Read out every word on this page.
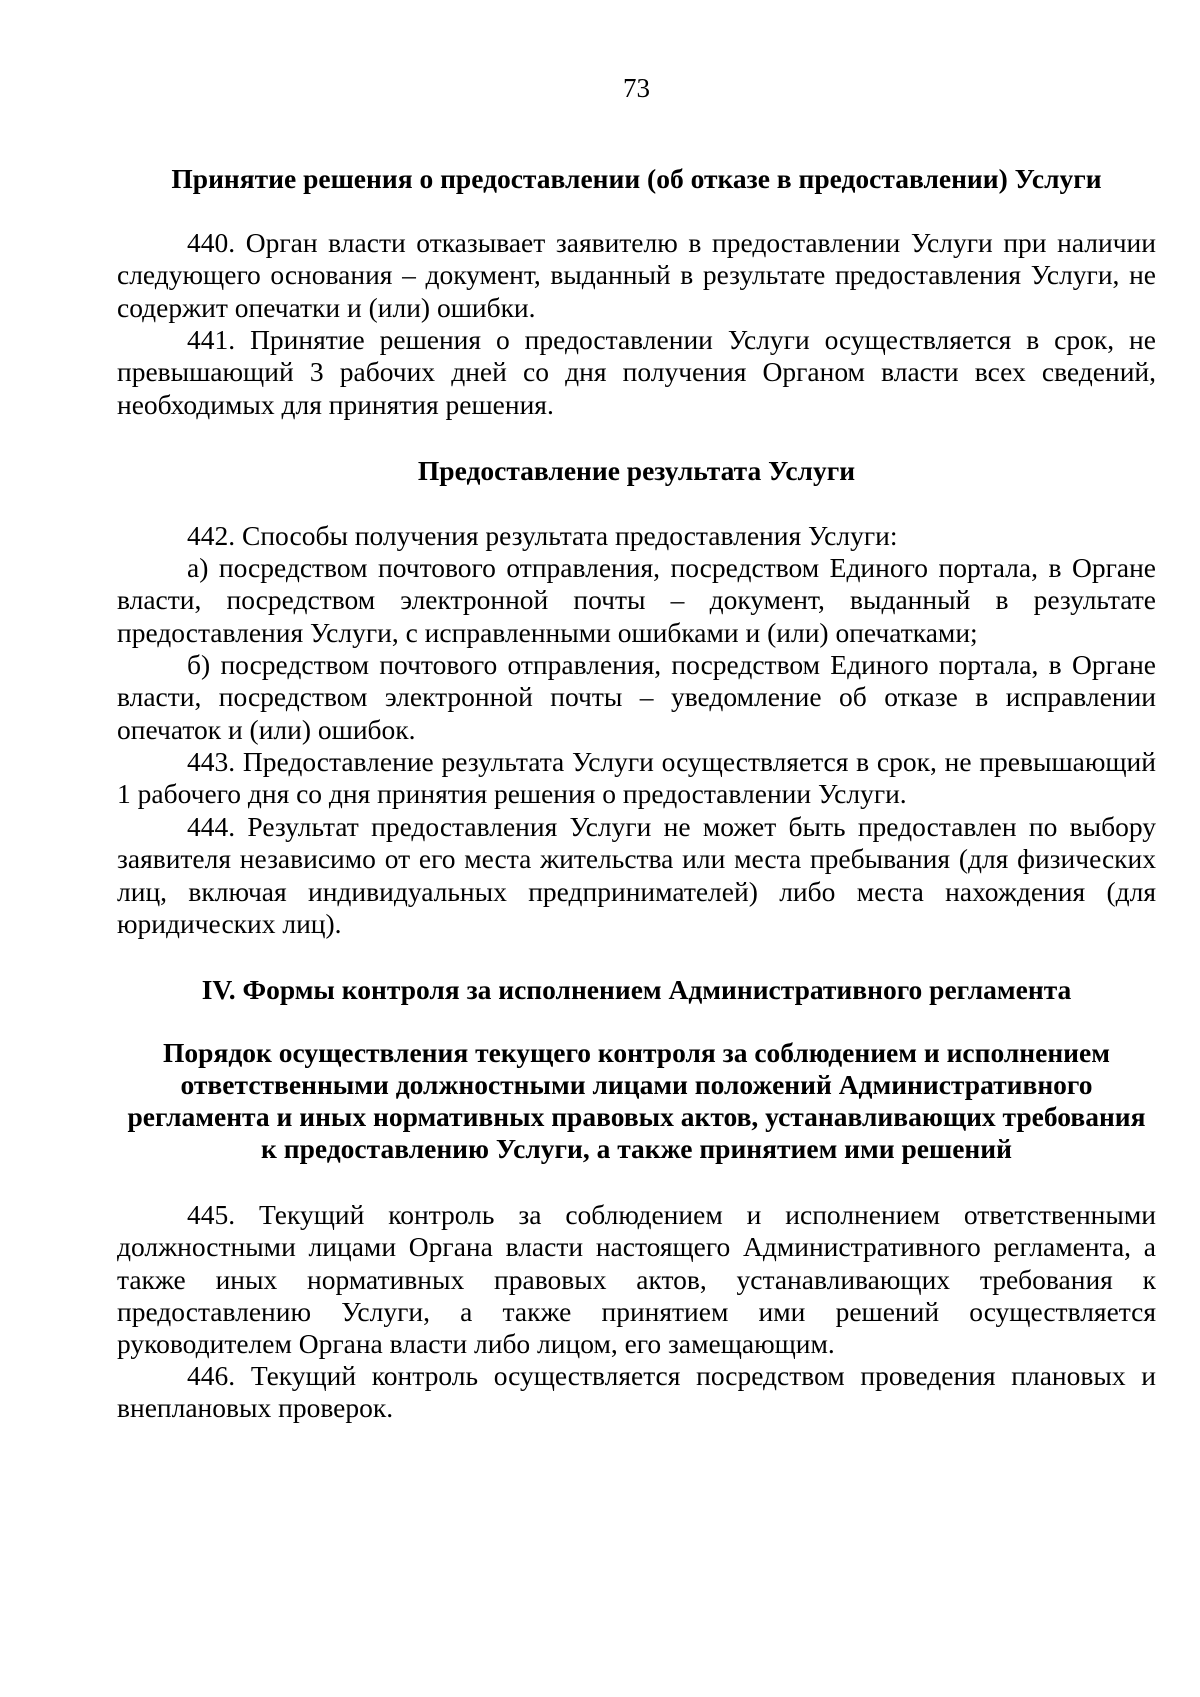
73
Принятие решения о предоставлении (об отказе в предоставлении) Услуги

440. Орган власти отказывает заявителю в предоставлении Услуги при наличии следующего основания – документ, выданный в результате предоставления Услуги, не содержит опечатки и (или) ошибки.

441. Принятие решения о предоставлении Услуги осуществляется в срок, не превышающий 3 рабочих дней со дня получения Органом власти всех сведений, необходимых для принятия решения.

Предоставление результата Услуги

442. Способы получения результата предоставления Услуги:

а) посредством почтового отправления, посредством Единого портала, в Органе власти, посредством электронной почты – документ, выданный в результате предоставления Услуги, с исправленными ошибками и (или) опечатками;

б) посредством почтового отправления, посредством Единого портала, в Органе власти, посредством электронной почты – уведомление об отказе в исправлении опечаток и (или) ошибок.

443. Предоставление результата Услуги осуществляется в срок, не превышающий 1 рабочего дня со дня принятия решения о предоставлении Услуги.

444. Результат предоставления Услуги не может быть предоставлен по выбору заявителя независимо от его места жительства или места пребывания (для физических лиц, включая индивидуальных предпринимателей) либо места нахождения (для юридических лиц).

IV. Формы контроля за исполнением Административного регламента
Порядок осуществления текущего контроля за соблюдением и исполнением ответственными должностными лицами положений Административного регламента и иных нормативных правовых актов, устанавливающих требования к предоставлению Услуги, а также принятием ими решений

445. Текущий контроль за соблюдением и исполнением ответственными должностными лицами Органа власти настоящего Административного регламента, а также иных нормативных правовых актов, устанавливающих требования к предоставлению Услуги, а также принятием ими решений осуществляется руководителем Органа власти либо лицом, его замещающим.

446. Текущий контроль осуществляется посредством проведения плановых и внеплановых проверок.
